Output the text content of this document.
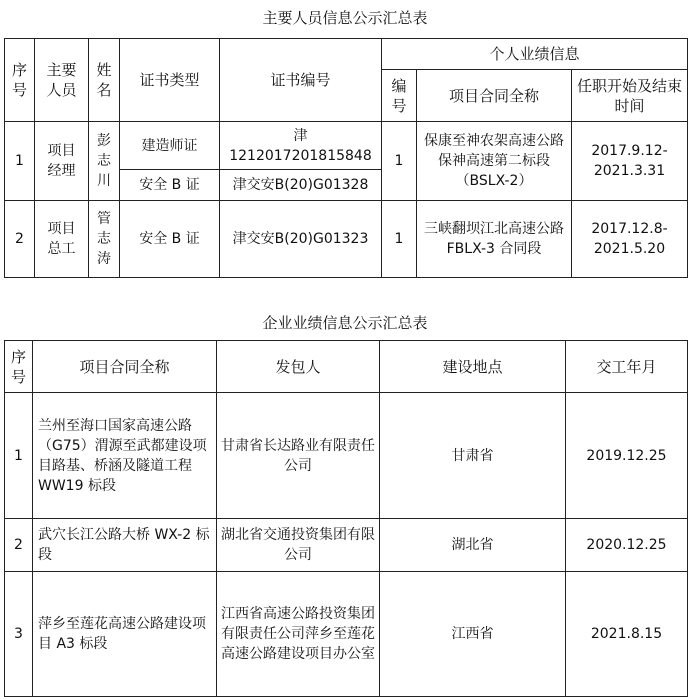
主要人员信息公示汇总表
序号	主要人员	姓名	证书类型	证书编号	个人业绩信息		
					编号	项目合同全称	任职开始及结束时间
1	项目经理	彭志川	建造师证	津 1212017201815848	1	保康至神农架高速公路保神高速第二标段（BSLX-2）	2017.9.12-2021.3.31
			安全 B 证	津交安B(20)G01328			
2	项目总工	管志涛	安全 B 证	津交安B(20)G01323	1	三峡翻坝江北高速公路 FBLX-3 合同段	2017.12.8-2021.5.20
企业业绩信息公示汇总表
序号	项目合同全称	发包人	建设地点	交工年月
1	兰州至海口国家高速公路（G75）渭源至武都建设项目路基、桥涵及隧道工程 WW19 标段	甘肃省长达路业有限责任公司	甘肃省	2019.12.25
2	武穴长江公路大桥 WX-2 标段	湖北省交通投资集团有限公司	湖北省	2020.12.25
3	萍乡至莲花高速公路建设项目 A3 标段	江西省高速公路投资集团有限责任公司萍乡至莲花高速公路建设项目办公室	江西省	2021.8.15
